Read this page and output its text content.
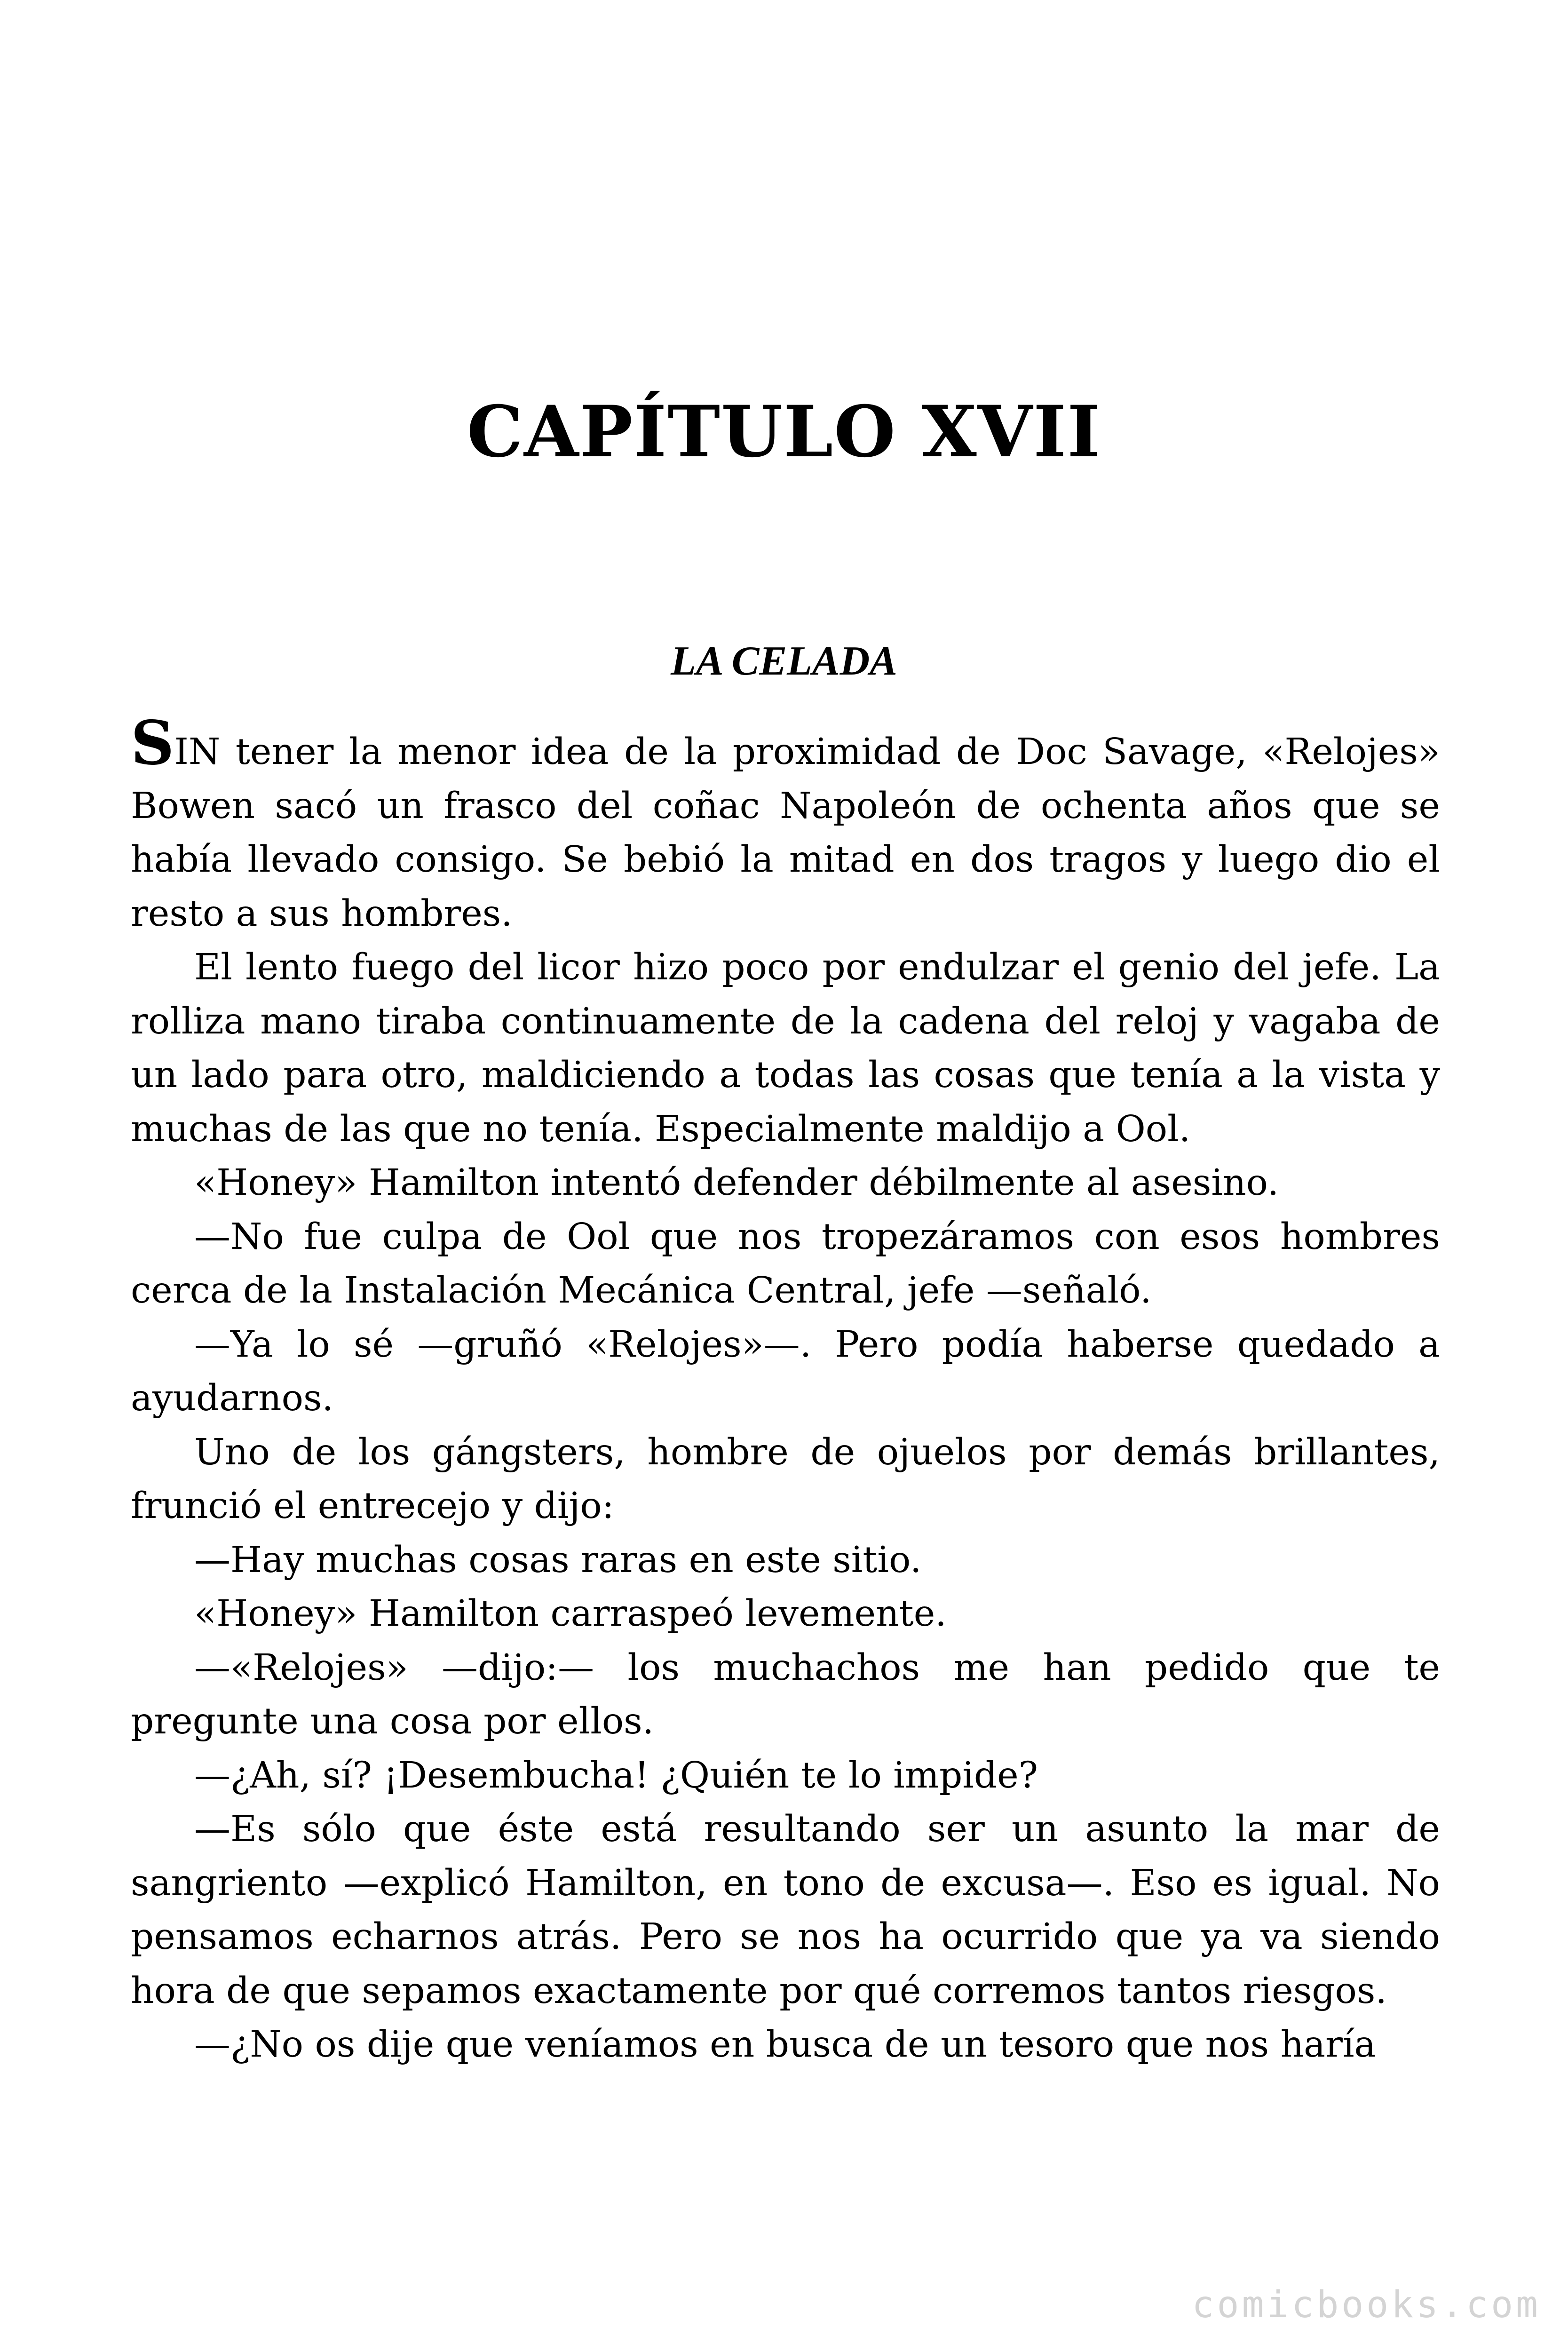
CAPÍTULO XVII
LA CELADA

SIN tener la menor idea de la proximidad de Doc Savage, «Relojes» Bowen sacó un frasco del coñac Napoleón de ochenta años que se había llevado consigo. Se bebió la mitad en dos tragos y luego dio el resto a sus hombres.

El lento fuego del licor hizo poco por endulzar el genio del jefe. La rolliza mano tiraba continuamente de la cadena del reloj y vagaba de un lado para otro, maldiciendo a todas las cosas que tenía a la vista y muchas de las que no tenía. Especialmente maldijo a Ool.

«Honey» Hamilton intentó defender débilmente al asesino.

—No fue culpa de Ool que nos tropezáramos con esos hombres cerca de la Instalación Mecánica Central, jefe —señaló.

—Ya lo sé —gruñó «Relojes»—. Pero podía haberse quedado a ayudarnos.

Uno de los gángsters, hombre de ojuelos por demás brillantes, frunció el entrecejo y dijo:

—Hay muchas cosas raras en este sitio.

«Honey» Hamilton carraspeó levemente.

—«Relojes» —dijo:— los muchachos me han pedido que te pregunte una cosa por ellos.

—¿Ah, sí? ¡Desembucha! ¿Quién te lo impide?

—Es sólo que éste está resultando ser un asunto la mar de sangriento —explicó Hamilton, en tono de excusa—. Eso es igual. No pensamos echarnos atrás. Pero se nos ha ocurrido que ya va siendo hora de que sepamos exactamente por qué corremos tantos riesgos.

—¿No os dije que veníamos en busca de un tesoro que nos haría

comicbooks.com
